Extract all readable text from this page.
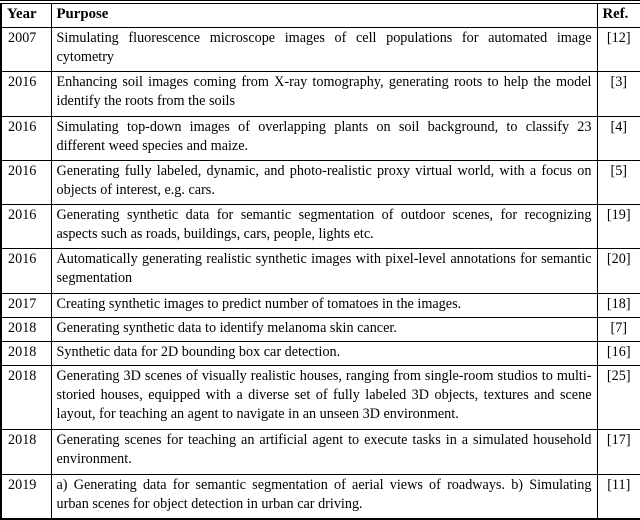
Year	Purpose	Ref.
2007	Simulating fluorescence microscope images of cell populations for automated image cytometry	[12]
2016	Enhancing soil images coming from X-ray tomography, generating roots to help the model identify the roots from the soils	[3]
2016	Simulating top-down images of overlapping plants on soil background, to classify 23 different weed species and maize.	[4]
2016	Generating fully labeled, dynamic, and photo-realistic proxy virtual world, with a focus on objects of interest, e.g. cars.	[5]
2016	Generating synthetic data for semantic segmentation of outdoor scenes, for recognizing aspects such as roads, buildings, cars, people, lights etc.	[19]
2016	Automatically generating realistic synthetic images with pixel-level annotations for semantic segmentation	[20]
2017	Creating synthetic images to predict number of tomatoes in the images.	[18]
2018	Generating synthetic data to identify melanoma skin cancer.	[7]
2018	Synthetic data for 2D bounding box car detection.	[16]
2018	Generating 3D scenes of visually realistic houses, ranging from single-room studios to multi-storied houses, equipped with a diverse set of fully labeled 3D objects, textures and scene layout, for teaching an agent to navigate in an unseen 3D environment.	[25]
2018	Generating scenes for teaching an artificial agent to execute tasks in a simulated household environment.	[17]
2019	a) Generating data for semantic segmentation of aerial views of roadways. b) Simulating urban scenes for object detection in urban car driving.	[11]
